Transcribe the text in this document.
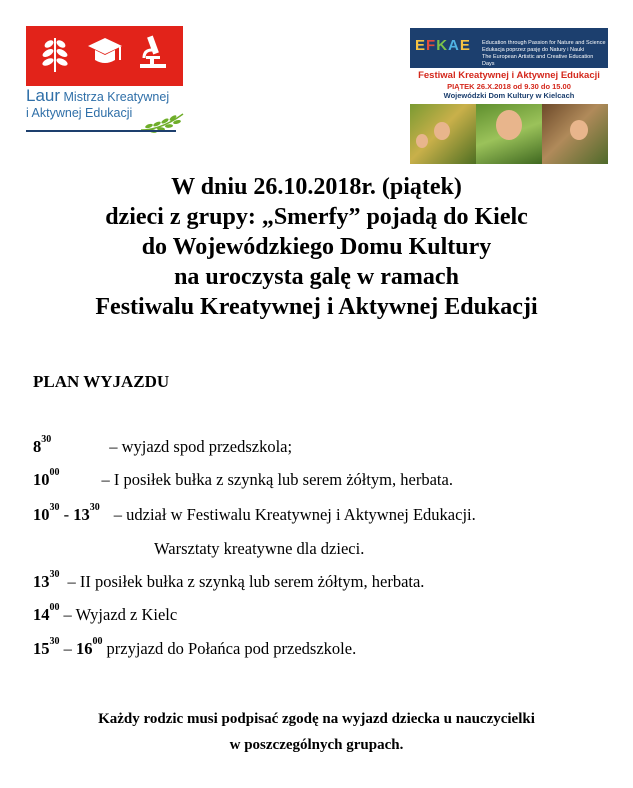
Laur Mistrza Kreatywnej
i Aktywnej Edukacji
EFKAE Education through Passion for Nature and Science
Edukacja poprzez pasję do Natury i Nauki
The European Artistic and Creative Education Days
Festiwal Kreatywnej i Aktywnej Edukacji
PIĄTEK 26.X.2018 od 9.30 do 15.00
Wojewódzki Dom Kultury w Kielcach
W dniu 26.10.2018r. (piątek)
dzieci z grupy: „Smerfy” pojadą do Kielc
do Wojewódzkiego Domu Kultury
na uroczysta galę w ramach
Festiwalu Kreatywnej i Aktywnej Edukacji
PLAN WYJAZDU
$8^{30}$	– wyjazd spod przedszkola;
$10^{00}$	– I posiłek bułka z szynką lub serem żółtym, herbata.
$10^{30} - 13^{30}$ – udział w Festiwalu Kreatywnej i Aktywnej Edukacji.
Warsztaty kreatywne dla dzieci.
$13^{30}$ – II posiłek bułka z szynką lub serem żółtym, herbata.
$14^{00}$ – Wyjazd z Kielc
$15^{30} - 16^{00}$ przyjazd do Połańca pod przedszkole.
Każdy rodzic musi podpisać zgodę na wyjazd dziecka u nauczycielki
w poszczególnych grupach.
